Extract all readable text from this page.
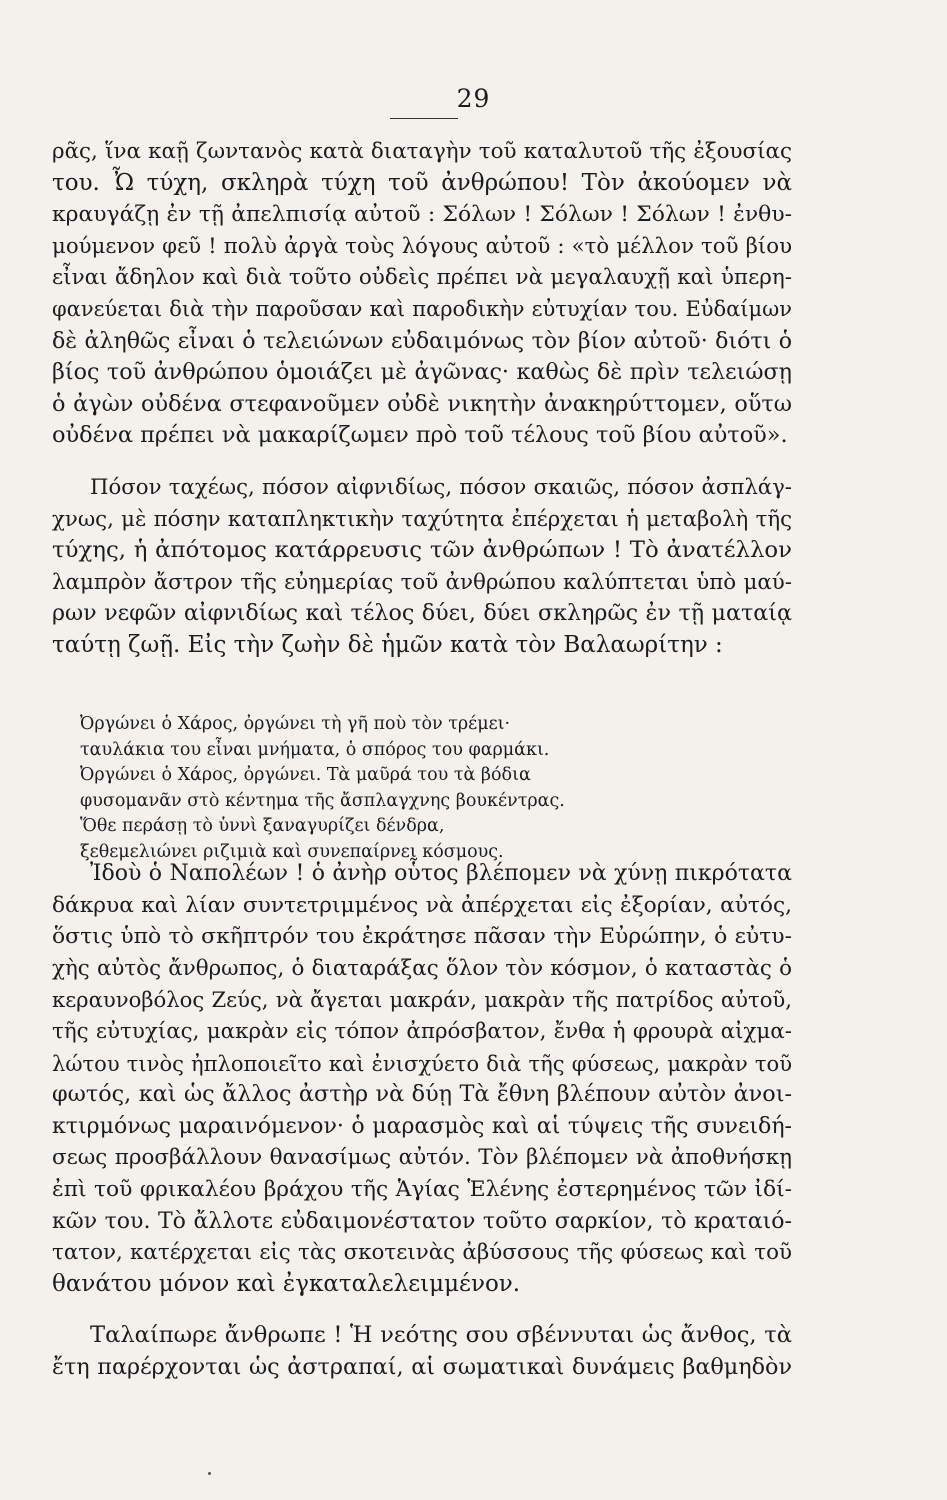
29
ρᾶς, ἵνα καῇ ζωντανὸς κατὰ διαταγὴν τοῦ καταλυτοῦ τῆς ἐξουσίας
του. Ὦ τύχη, σκληρὰ τύχη τοῦ ἀνθρώπου! Τὸν ἀκούομεν νὰ
κραυγάζῃ ἐν τῇ ἀπελπισίᾳ αὐτοῦ : Σόλων ! Σόλων ! Σόλων ! ἐνθυ-
μούμενον φεῦ ! πολὺ ἀργὰ τοὺς λόγους αὐτοῦ : «τὸ μέλλον τοῦ βίου
εἶναι ἄδηλον καὶ διὰ τοῦτο οὐδεὶς πρέπει νὰ μεγαλαυχῇ καὶ ὑπερη-
φανεύεται διὰ τὴν παροῦσαν καὶ παροδικὴν εὐτυχίαν του. Εὐδαίμων
δὲ ἀληθῶς εἶναι ὁ τελειώνων εὐδαιμόνως τὸν βίον αὐτοῦ· διότι ὁ
βίος τοῦ ἀνθρώπου ὁμοιάζει μὲ ἀγῶνας· καθὼς δὲ πρὶν τελειώσῃ
ὁ ἀγὼν οὐδένα στεφανοῦμεν οὐδὲ νικητὴν ἀνακηρύττομεν, οὕτω
οὐδένα πρέπει νὰ μακαρίζωμεν πρὸ τοῦ τέλους τοῦ βίου αὐτοῦ».
Πόσον ταχέως, πόσον αἰφνιδίως, πόσον σκαιῶς, πόσον ἀσπλάγ-
χνως, μὲ πόσην καταπληκτικὴν ταχύτητα ἐπέρχεται ἡ μεταβολὴ τῆς
τύχης, ἡ ἀπότομος κατάρρευσις τῶν ἀνθρώπων ! Τὸ ἀνατέλλον
λαμπρὸν ἄστρον τῆς εὐημερίας τοῦ ἀνθρώπου καλύπτεται ὑπὸ μαύ-
ρων νεφῶν αἰφνιδίως καὶ τέλος δύει, δύει σκληρῶς ἐν τῇ ματαίᾳ
ταύτῃ ζωῇ. Εἰς τὴν ζωὴν δὲ ἡμῶν κατὰ τὸν Βαλαωρίτην :
Ὀργώνει ὁ Χάρος, ὀργώνει τὴ γῆ ποὺ τὸν τρέμει·
ταυλάκια του εἶναι μνήματα, ὁ σπόρος του φαρμάκι.
Ὀργώνει ὁ Χάρος, ὀργώνει. Τὰ μαῦρά του τὰ βόδια
φυσομανᾶν στὸ κέντημα τῆς ἄσπλαγχνης βουκέντρας.
Ὅθε περάσῃ τὸ ὑννὶ ξαναγυρίζει δένδρα,
ξεθεμελιώνει ριζιμιὰ καὶ συνεπαίρνει κόσμους.
Ἰδοὺ ὁ Ναπολέων ! ὁ ἀνὴρ οὗτος βλέπομεν νὰ χύνῃ πικρότατα
δάκρυα καὶ λίαν συντετριμμένος νὰ ἀπέρχεται εἰς ἐξορίαν, αὐτός,
ὅστις ὑπὸ τὸ σκῆπτρόν του ἐκράτησε πᾶσαν τὴν Εὐρώπην, ὁ εὐτυ-
χὴς αὐτὸς ἄνθρωπος, ὁ διαταράξας ὅλον τὸν κόσμον, ὁ καταστὰς ὁ
κεραυνοβόλος Ζεύς, νὰ ἄγεται μακράν, μακρὰν τῆς πατρίδος αὐτοῦ,
τῆς εὐτυχίας, μακρὰν εἰς τόπον ἀπρόσβατον, ἔνθα ἡ φρουρὰ αἰχμα-
λώτου τινὸς ἠπλοποιεῖτο καὶ ἐνισχύετο διὰ τῆς φύσεως, μακρὰν τοῦ
φωτός, καὶ ὡς ἄλλος ἀστὴρ νὰ δύῃ Τὰ ἔθνη βλέπουν αὐτὸν ἀνοι-
κτιρμόνως μαραινόμενον· ὁ μαρασμὸς καὶ αἱ τύψεις τῆς συνειδή-
σεως προσβάλλουν θανασίμως αὐτόν. Τὸν βλέπομεν νὰ ἀποθνήσκῃ
ἐπὶ τοῦ φρικαλέου βράχου τῆς Ἁγίας Ἑλένης ἐστερημένος τῶν ἰδί-
κῶν του. Τὸ ἄλλοτε εὐδαιμονέστατον τοῦτο σαρκίον, τὸ κραταιό-
τατον, κατέρχεται εἰς τὰς σκοτεινὰς ἀβύσσους τῆς φύσεως καὶ τοῦ
θανάτου μόνον καὶ ἐγκαταλελειμμένον.
Ταλαίπωρε ἄνθρωπε ! Ἡ νεότης σου σβέννυται ὡς ἄνθος, τὰ
ἔτη παρέρχονται ὡς ἀστραπαί, αἱ σωματικαὶ δυνάμεις βαθμηδὸν
